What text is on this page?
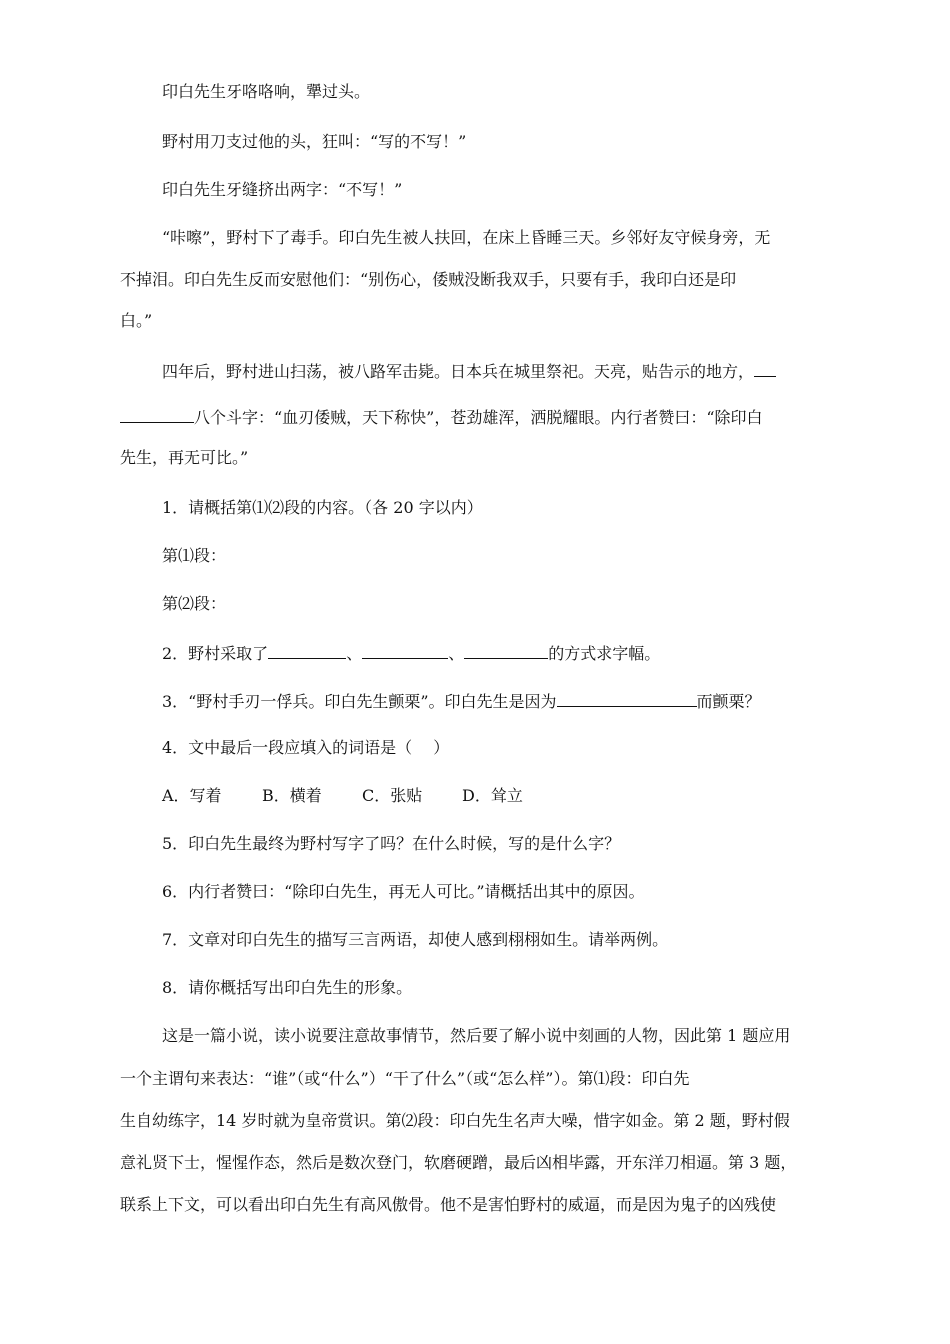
印白先生牙咯咯响，犟过头。
野村用刀支过他的头，狂叫：“写的不写！”
印白先生牙缝挤出两字：“不写！”
“咔嚓”，野村下了毒手。印白先生被人扶回，在床上昏睡三天。乡邻好友守候身旁，无
不掉泪。印白先生反而安慰他们：“别伤心，倭贼没断我双手，只要有手，我印白还是印
白。”
四年后，野村进山扫荡，被八路军击毙。日本兵在城里祭祀。天亮，贴告示的地方，
八个斗字：“血刃倭贼，天下称快”，苍劲雄浑，洒脱耀眼。内行者赞曰：“除印白
先生，再无可比。”
1．请概括第⑴⑵段的内容。（各 20 字以内）
第⑴段：
第⑵段：
2．野村采取了	、	、	的方式求字幅。
3．“野村手刃一俘兵。印白先生颤栗”。印白先生是因为	而颤栗？
4．文中最后一段应填入的词语是（　 ）
A．写着	B．横着	C．张贴 D．耸立
5．印白先生最终为野村写字了吗？在什么时候，写的是什么字？
6．内行者赞曰：“除印白先生，再无人可比。”请概括出其中的原因。
7．文章对印白先生的描写三言两语，却使人感到栩栩如生。请举两例。
8．请你概括写出印白先生的形象。
这是一篇小说，读小说要注意故事情节，然后要了解小说中刻画的人物，因此第 1 题应用
一个主谓句来表达：“谁”（或“什么”）“干了什么”（或“怎么样”）。第⑴段：印白先
生自幼练字，14 岁时就为皇帝赏识。第⑵段：印白先生名声大噪，惜字如金。第 2 题，野村假
意礼贤下士，惺惺作态，然后是数次登门，软磨硬蹭，最后凶相毕露，开东洋刀相逼。第 3 题，
联系上下文，可以看出印白先生有高风傲骨。他不是害怕野村的威逼，而是因为鬼子的凶残使
